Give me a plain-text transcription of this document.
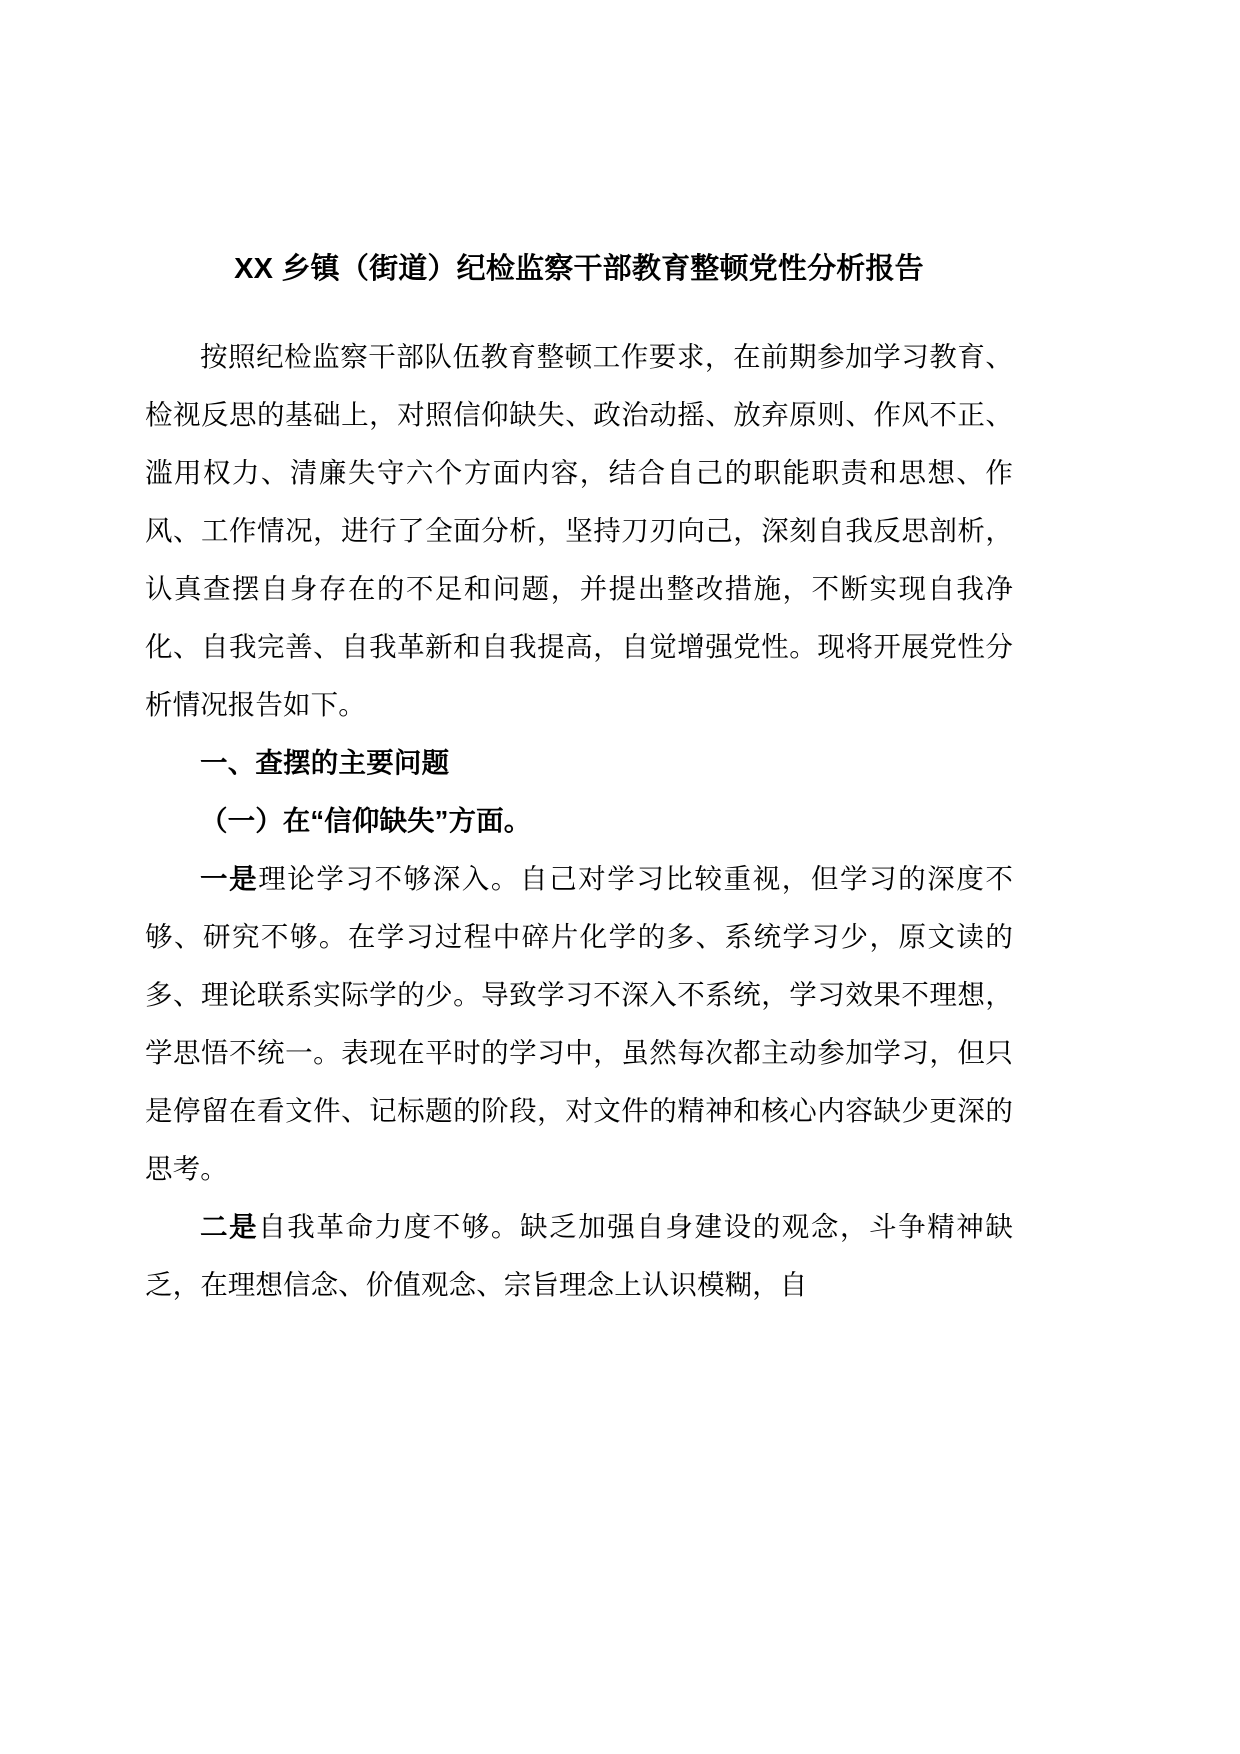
XX 乡镇（街道）纪检监察干部教育整顿党性分析报告

按照纪检监察干部队伍教育整顿工作要求，在前期参加学习教育、检视反思的基础上，对照信仰缺失、政治动摇、放弃原则、作风不正、滥用权力、清廉失守六个方面内容，结合自己的职能职责和思想、作风、工作情况，进行了全面分析，坚持刀刃向己，深刻自我反思剖析，认真查摆自身存在的不足和问题，并提出整改措施，不断实现自我净化、自我完善、自我革新和自我提高，自觉增强党性。现将开展党性分析情况报告如下。

一、查摆的主要问题
（一）在“信仰缺失”方面。

一是理论学习不够深入。自己对学习比较重视，但学习的深度不够、研究不够。在学习过程中碎片化学的多、系统学习少，原文读的多、理论联系实际学的少。导致学习不深入不系统，学习效果不理想，学思悟不统一。表现在平时的学习中，虽然每次都主动参加学习，但只是停留在看文件、记标题的阶段，对文件的精神和核心内容缺少更深的思考。

二是自我革命力度不够。缺乏加强自身建设的观念，斗争精神缺乏，在理想信念、价值观念、宗旨理念上认识模糊，自
